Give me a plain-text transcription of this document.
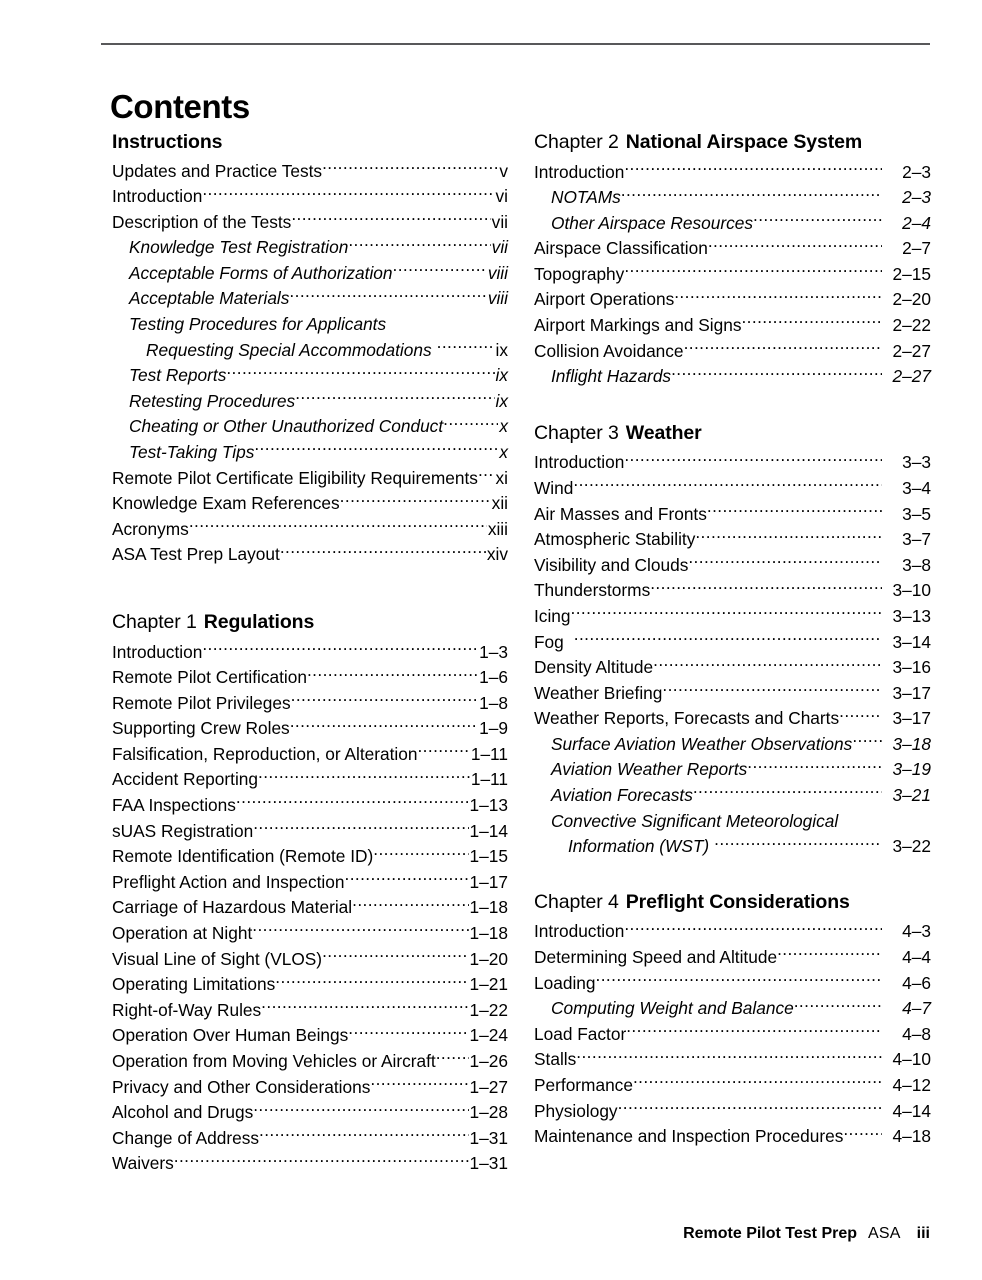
Contents
Instructions
Updates and Practice Tests .....	v
Introduction .....	vi
Description of the Tests .....	vii
Knowledge Test Registration .....	vii
Acceptable Forms of Authorization .....	viii
Acceptable Materials .....	viii
Testing Procedures for Applicants
Requesting Special Accommodations .....	ix
Test Reports .....	ix
Retesting Procedures .....	ix
Cheating or Other Unauthorized Conduct .....	x
Test-Taking Tips .....	x
Remote Pilot Certificate Eligibility Requirements ..... xi
Knowledge Exam References .....	xii
Acronyms .....	xiii
ASA Test Prep Layout .....	xiv
Chapter 1 Regulations
Introduction .....	1–3
Remote Pilot Certification .....	1–6
Remote Pilot Privileges .....	1–8
Supporting Crew Roles .....	1–9
Falsification, Reproduction, or Alteration .....	1–11
Accident Reporting .....	1–11
FAA Inspections .....	1–13
sUAS Registration .....	1–14
Remote Identification (Remote ID) .....	1–15
Preflight Action and Inspection .....	1–17
Carriage of Hazardous Material .....	1–18
Operation at Night .....	1–18
Visual Line of Sight (VLOS) .....	1–20
Operating Limitations .....	1–21
Right-of-Way Rules .....	1–22
Operation Over Human Beings .....	1–24
Operation from Moving Vehicles or Aircraft ..... 1–26
Privacy and Other Considerations .....	1–27
Alcohol and Drugs .....	1–28
Change of Address .....	1–31
Waivers .....	1–31
Chapter 2 National Airspace System
Introduction .....	2–3
NOTAMs .....	2–3
Other Airspace Resources .....	2–4
Airspace Classification .....	2–7
Topography .....	2–15
Airport Operations .....	2–20
Airport Markings and Signs .....	2–22
Collision Avoidance .....	2–27
Inflight Hazards .....	2–27
Chapter 3 Weather
Introduction .....	3–3
Wind .....	3–4
Air Masses and Fronts .....	3–5
Atmospheric Stability .....	3–7
Visibility and Clouds .....	3–8
Thunderstorms .....	3–10
Icing .....	3–13
Fog .....	3–14
Density Altitude .....	3–16
Weather Briefing .....	3–17
Weather Reports, Forecasts and Charts .....	3–17
Surface Aviation Weather Observations .....	3–18
Aviation Weather Reports .....	3–19
Aviation Forecasts .....	3–21
Convective Significant Meteorological
Information (WST) .....	3–22
Chapter 4 Preflight Considerations
Introduction .....	4–3
Determining Speed and Altitude .....	4–4
Loading .....	4–6
Computing Weight and Balance .....	4–7
Load Factor .....	4–8
Stalls .....	4–10
Performance .....	4–12
Physiology .....	4–14
Maintenance and Inspection Procedures .....	4–18
Remote Pilot Test Prep ASA iii
